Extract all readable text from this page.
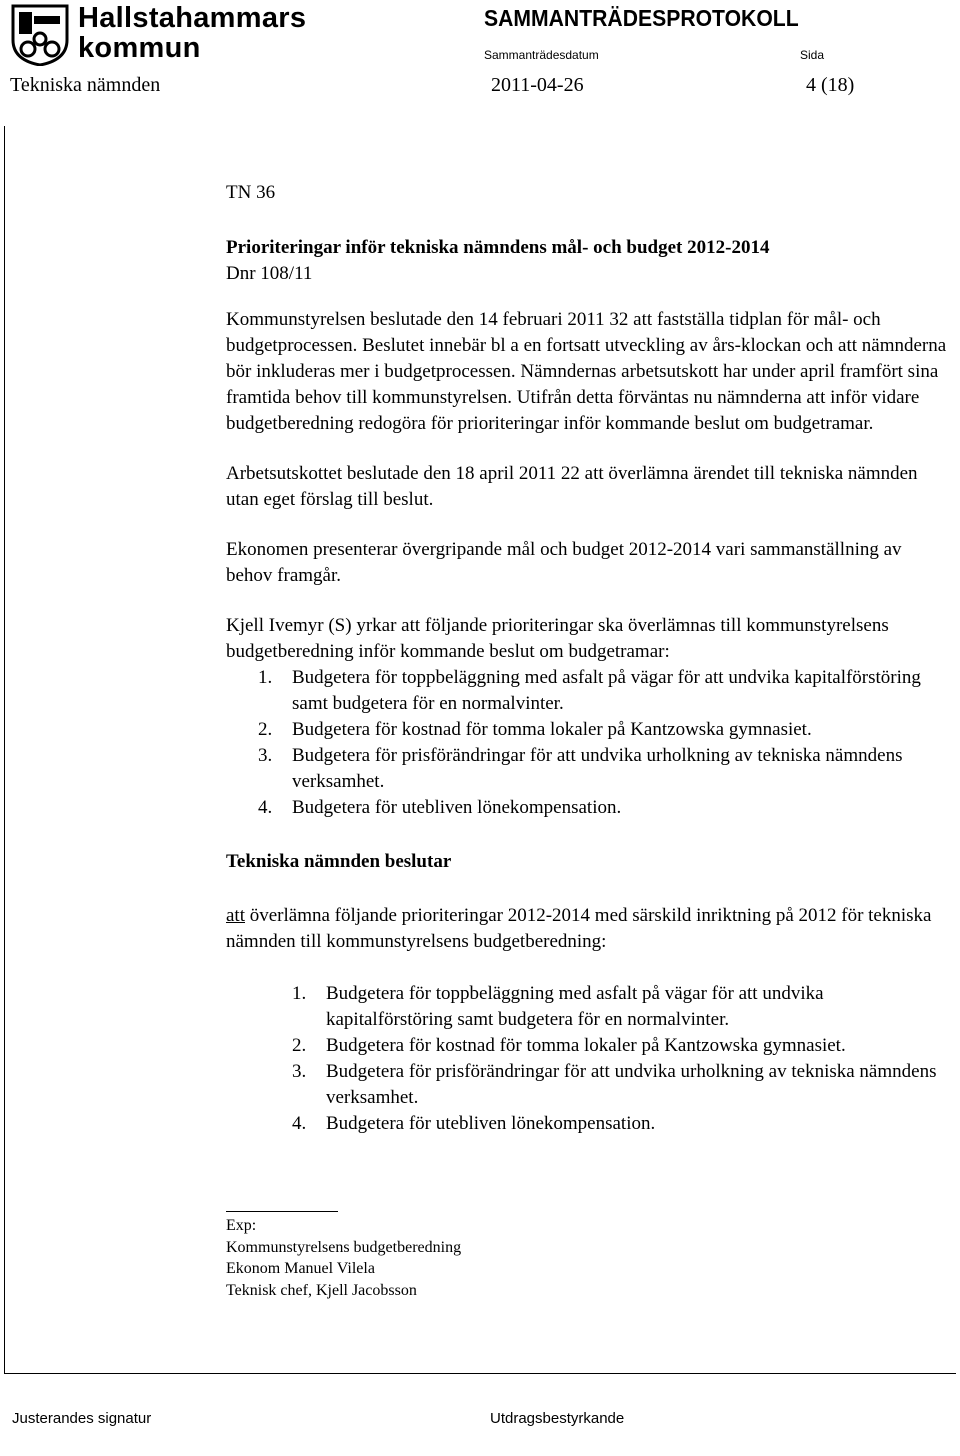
Hallstahammars
kommun
SAMMANTRÄDESPROTOKOLL
Sammanträdesdatum	Sida
Tekniska nämnden	2011-04-26	4 (18)

TN 36

Prioriteringar inför tekniska nämndens mål- och budget 2012-2014

Dnr 108/11

Kommunstyrelsen beslutade den 14 februari 2011 32 att fastställa tidplan för mål- och budgetprocessen. Beslutet innebär bl a en fortsatt utveckling av års-klockan och att nämnderna bör inkluderas mer i budgetprocessen. Nämndernas arbetsutskott har under april framfört sina framtida behov till kommunstyrelsen. Utifrån detta förväntas nu nämnderna att inför vidare budgetberedning redogöra för prioriteringar inför kommande beslut om budgetramar.

Arbetsutskottet beslutade den 18 april 2011 22 att överlämna ärendet till tekniska nämnden utan eget förslag till beslut.

Ekonomen presenterar övergripande mål och budget 2012-2014 vari sammanställning av behov framgår.

Kjell Ivemyr (S) yrkar att följande prioriteringar ska överlämnas till kommunstyrelsens budgetberedning inför kommande beslut om budgetramar:

1. Budgetera för toppbeläggning med asfalt på vägar för att undvika kapitalförstöring samt budgetera för en normalvinter.
2. Budgetera för kostnad för tomma lokaler på Kantzowska gymnasiet.
3. Budgetera för prisförändringar för att undvika urholkning av tekniska nämndens verksamhet.
4. Budgetera för utebliven lönekompensation.

Tekniska nämnden beslutar

att överlämna följande prioriteringar 2012-2014 med särskild inriktning på 2012 för tekniska nämnden till kommunstyrelsens budgetberedning:

1. Budgetera för toppbeläggning med asfalt på vägar för att undvika kapitalförstöring samt budgetera för en normalvinter.
2. Budgetera för kostnad för tomma lokaler på Kantzowska gymnasiet.
3. Budgetera för prisförändringar för att undvika urholkning av tekniska nämndens verksamhet.
4. Budgetera för utebliven lönekompensation.
Exp:
Kommunstyrelsens budgetberedning
Ekonom Manuel Vilela
Teknisk chef, Kjell Jacobsson
Justerandes signatur	Utdragsbestyrkande
